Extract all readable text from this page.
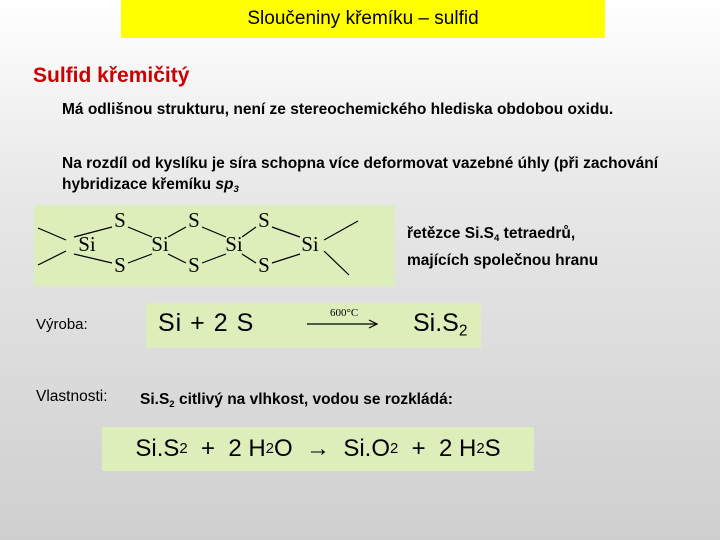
Sloučeniny křemíku – sulfid
Sulfid křemičitý
Má odlišnou strukturu, není ze stereochemického hlediska obdobou oxidu.
Na rozdíl od kyslíku je síra schopna více deformovat vazebné úhly (při zachování hybridizace křemíku $sp_3$
S
S
S
S
S
S
Si	Si	Si	Si	řetězce $Si.S_4$ tetraedrů,
majících společnou hranu
Výroba:	Si + 2 S	600°C $Si.S_2$
Vlastnosti: $Si.S_2$ citlivý na vlhkost, vodou se rozkládá:
Si.S 2 +  2 H 2 O  →  Si.O 2 +  2 H 2 S
